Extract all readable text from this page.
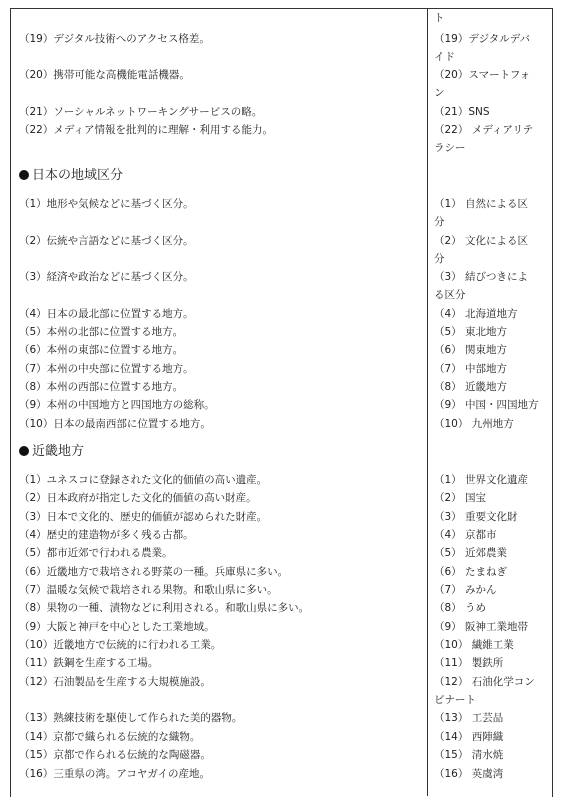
ト
（19）デジタル技術へのアクセス格差。	（19）デジタルデバ
イド
（20）携帯可能な高機能電話機器。	（20）スマートフォ
ン
（21）ソーシャルネットワーキングサービスの略。	（21）SNS
（22）メディア情報を批判的に理解・利用する能力。	（22） メディアリテ
ラシー
日本の地域区分
（1）地形や気候などに基づく区分。	（1） 自然による区
分
（2）伝統や言語などに基づく区分。	（2） 文化による区
分
（3）経済や政治などに基づく区分。	（3） 結びつきによ
る区分
（4）日本の最北部に位置する地方。	（4） 北海道地方
（5）本州の北部に位置する地方。	（5） 東北地方
（6）本州の東部に位置する地方。	（6） 関東地方
（7）本州の中央部に位置する地方。	（7） 中部地方
（8）本州の西部に位置する地方。	（8） 近畿地方
（9）本州の中国地方と四国地方の総称。	（9） 中国・四国地方
（10）日本の最南西部に位置する地方。	（10） 九州地方
近畿地方
（1）ユネスコに登録された文化的価値の高い遺産。	（1） 世界文化遺産
（2）日本政府が指定した文化的価値の高い財産。	（2） 国宝
（3）日本で文化的、歴史的価値が認められた財産。	（3） 重要文化財
（4）歴史的建造物が多く残る古都。	（4） 京都市
（5）都市近郊で行われる農業。	（5） 近郊農業
（6）近畿地方で栽培される野菜の一種。兵庫県に多い。	（6） たまねぎ
（7）温暖な気候で栽培される果物。和歌山県に多い。	（7） みかん
（8）果物の一種、漬物などに利用される。和歌山県に多い。	（8） うめ
（9）大阪と神戸を中心とした工業地域。	（9） 阪神工業地帯
（10）近畿地方で伝統的に行われる工業。	（10） 繊維工業
（11）鉄鋼を生産する工場。	（11） 製鉄所
（12）石油製品を生産する大規模施設。	（12） 石油化学コン
ビナート
（13）熟練技術を駆使して作られた美的器物。	（13） 工芸品
（14）京都で織られる伝統的な織物。	（14） 西陣織
（15）京都で作られる伝統的な陶磁器。	（15） 清水焼
（16）三重県の湾。アコヤガイの産地。	（16） 英虞湾
